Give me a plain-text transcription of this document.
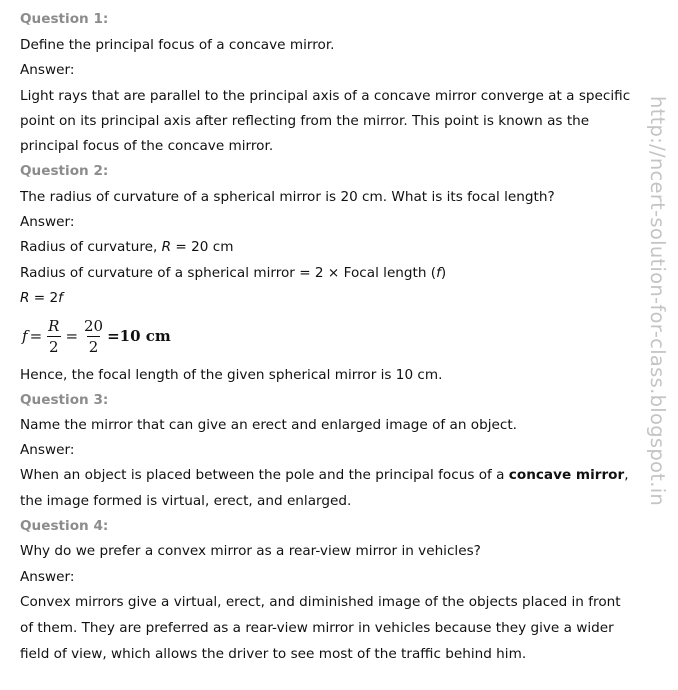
Question 1:
Define the principal focus of a concave mirror.
Answer:
Light rays that are parallel to the principal axis of a concave mirror converge at a specific
point on its principal axis after reflecting from the mirror. This point is known as the
principal focus of the concave mirror.
Question 2:
The radius of curvature of a spherical mirror is 20 cm. What is its focal length?
Answer:
Radius of curvature, R = 20 cm
Radius of curvature of a spherical mirror = 2 × Focal length (f)
R = 2f
$f = \frac{R}{2} = \frac{20}{2} =10$ cm
Hence, the focal length of the given spherical mirror is 10 cm.
Question 3:
Name the mirror that can give an erect and enlarged image of an object.
Answer:
When an object is placed between the pole and the principal focus of a concave mirror,
the image formed is virtual, erect, and enlarged.
Question 4:
Why do we prefer a convex mirror as a rear-view mirror in vehicles?
Answer:
Convex mirrors give a virtual, erect, and diminished image of the objects placed in front
of them. They are preferred as a rear-view mirror in vehicles because they give a wider
field of view, which allows the driver to see most of the traffic behind him.
http://ncert-solution-for-class.blogspot.in
